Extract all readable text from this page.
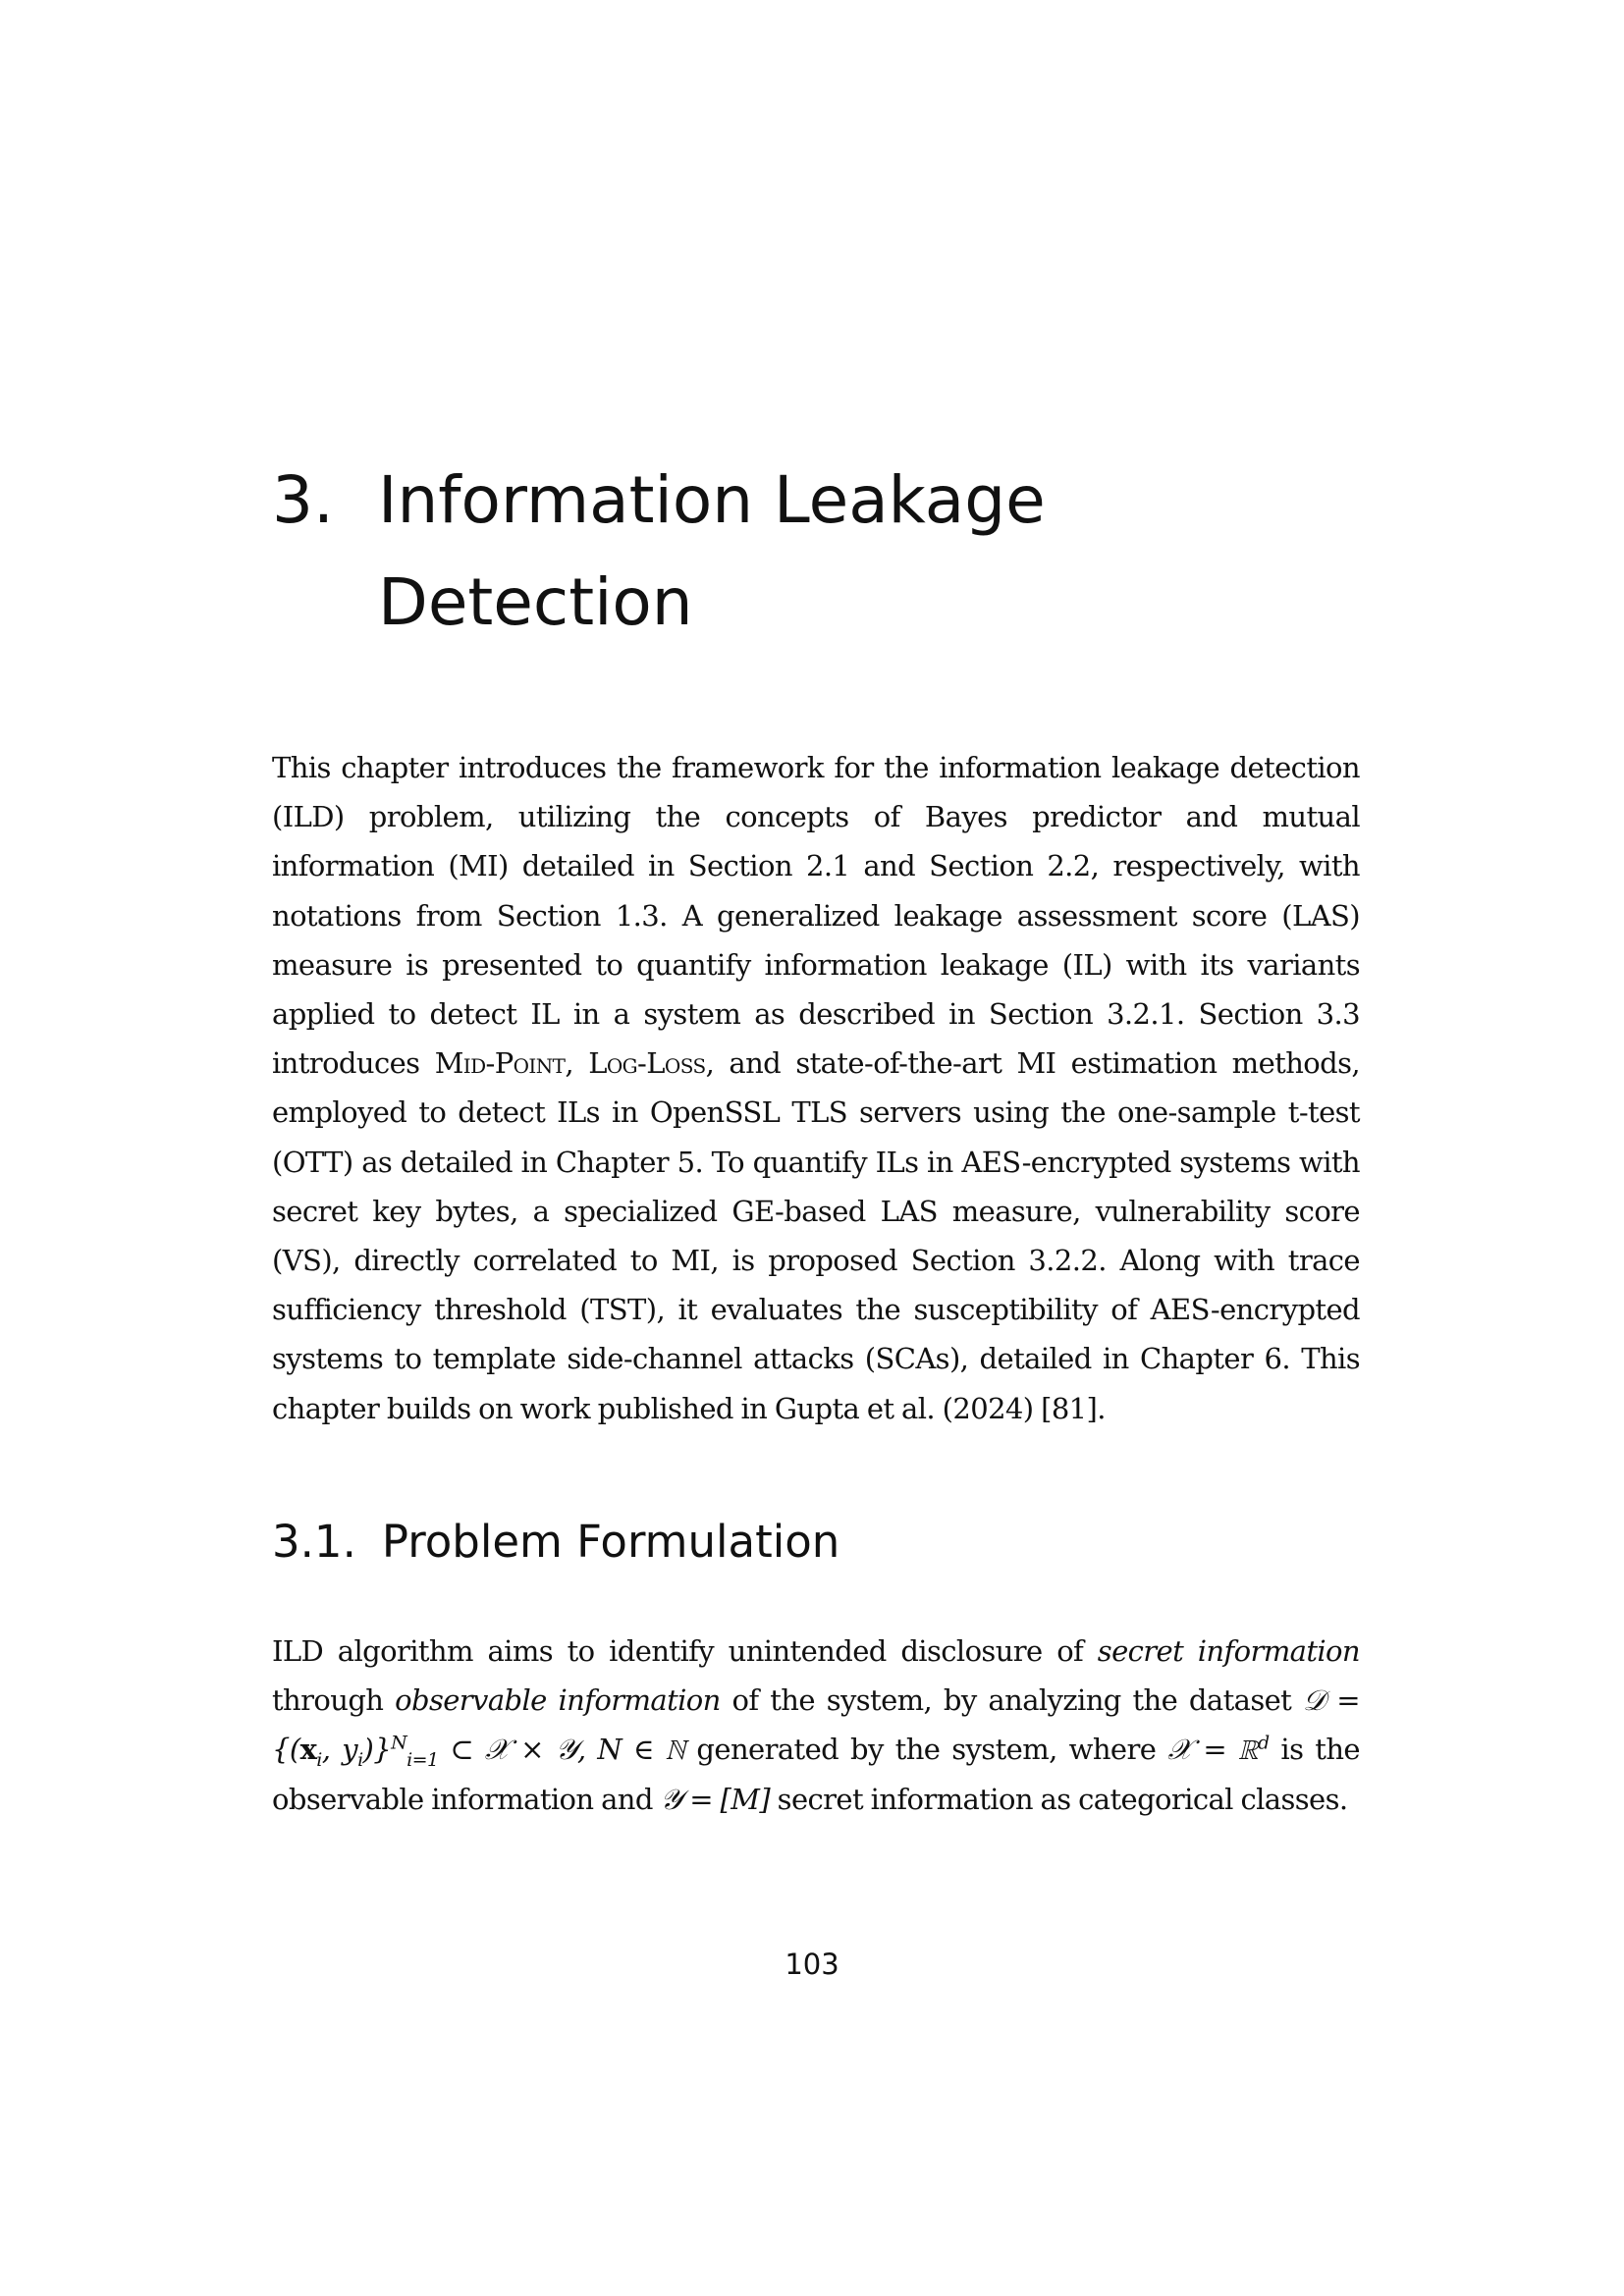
3. Information Leakage Detection

This chapter introduces the framework for the information leakage detection (ILD) problem, utilizing the concepts of Bayes predictor and mutual information (MI) detailed in Section 2.1 and Section 2.2, respectively, with notations from Section 1.3. A generalized leakage assessment score (LAS) measure is presented to quantify information leakage (IL) with its variants applied to detect IL in a system as described in Section 3.2.1. Section 3.3 introduces Mid-Point, Log-Loss, and state-of-the-art MI estimation methods, employed to detect ILs in OpenSSL TLS servers using the one-sample t-test (OTT) as detailed in Chapter 5. To quantify ILs in AES-encrypted systems with secret key bytes, a specialized GE-based LAS measure, vulnerability score (VS), directly correlated to MI, is proposed Section 3.2.2. Along with trace sufficiency threshold (TST), it evaluates the susceptibility of AES-encrypted systems to template side-channel attacks (SCAs), detailed in Chapter 6. This chapter builds on work published in Gupta et al. (2024) [81].

3.1. Problem Formulation

ILD algorithm aims to identify unintended disclosure of secret information through observable information of the system, by analyzing the dataset 𝒟 = {($x_i$, $y_i)\}^N_{i=1}$ ⊂ 𝒳 × 𝒴, N ∈ ℕ generated by the system, where 𝒳 = ℝ$^d$ is the observable information and 𝒴 = [M] secret information as categorical classes.

103
